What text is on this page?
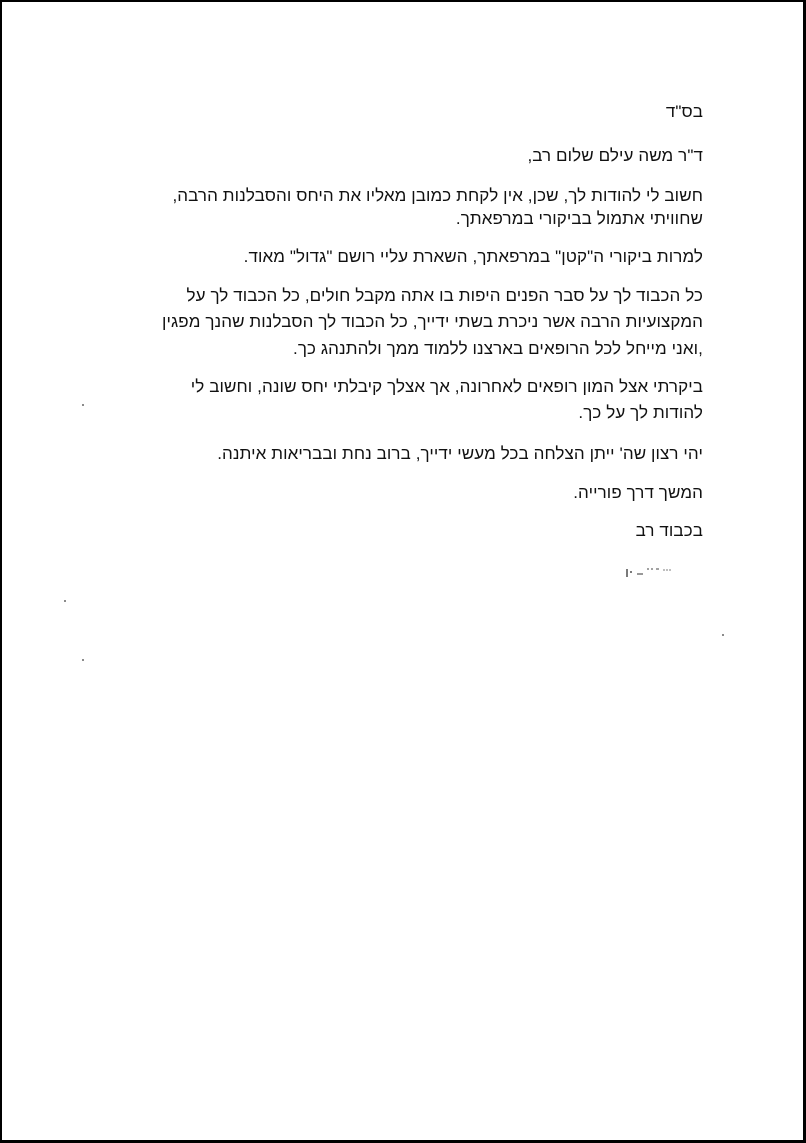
בס"ד
ד"ר משה עילם שלום רב,
חשוב לי להודות לך, שכן, אין לקחת כמובן מאליו את היחס והסבלנות הרבה,
שחוויתי אתמול בביקורי במרפאתך.
למרות ביקורי ה"קטן" במרפאתך, השארת עליי רושם "גדול" מאוד.
כל הכבוד לך על סבר הפנים היפות בו אתה מקבל חולים, כל הכבוד לך על
המקצועיות הרבה אשר ניכרת בשתי ידייך, כל הכבוד לך הסבלנות שהנך מפגין
,ואני מייחל לכל הרופאים בארצנו ללמוד ממך ולהתנהג כך.
ביקרתי אצל המון רופאים לאחרונה, אך אצלך קיבלתי יחס שונה, וחשוב לי
להודות לך על כך.
יהי רצון שה' ייתן הצלחה בכל מעשי ידייך, ברוב נחת ובבריאות איתנה.
המשך דרך פורייה.
בכבוד רב
